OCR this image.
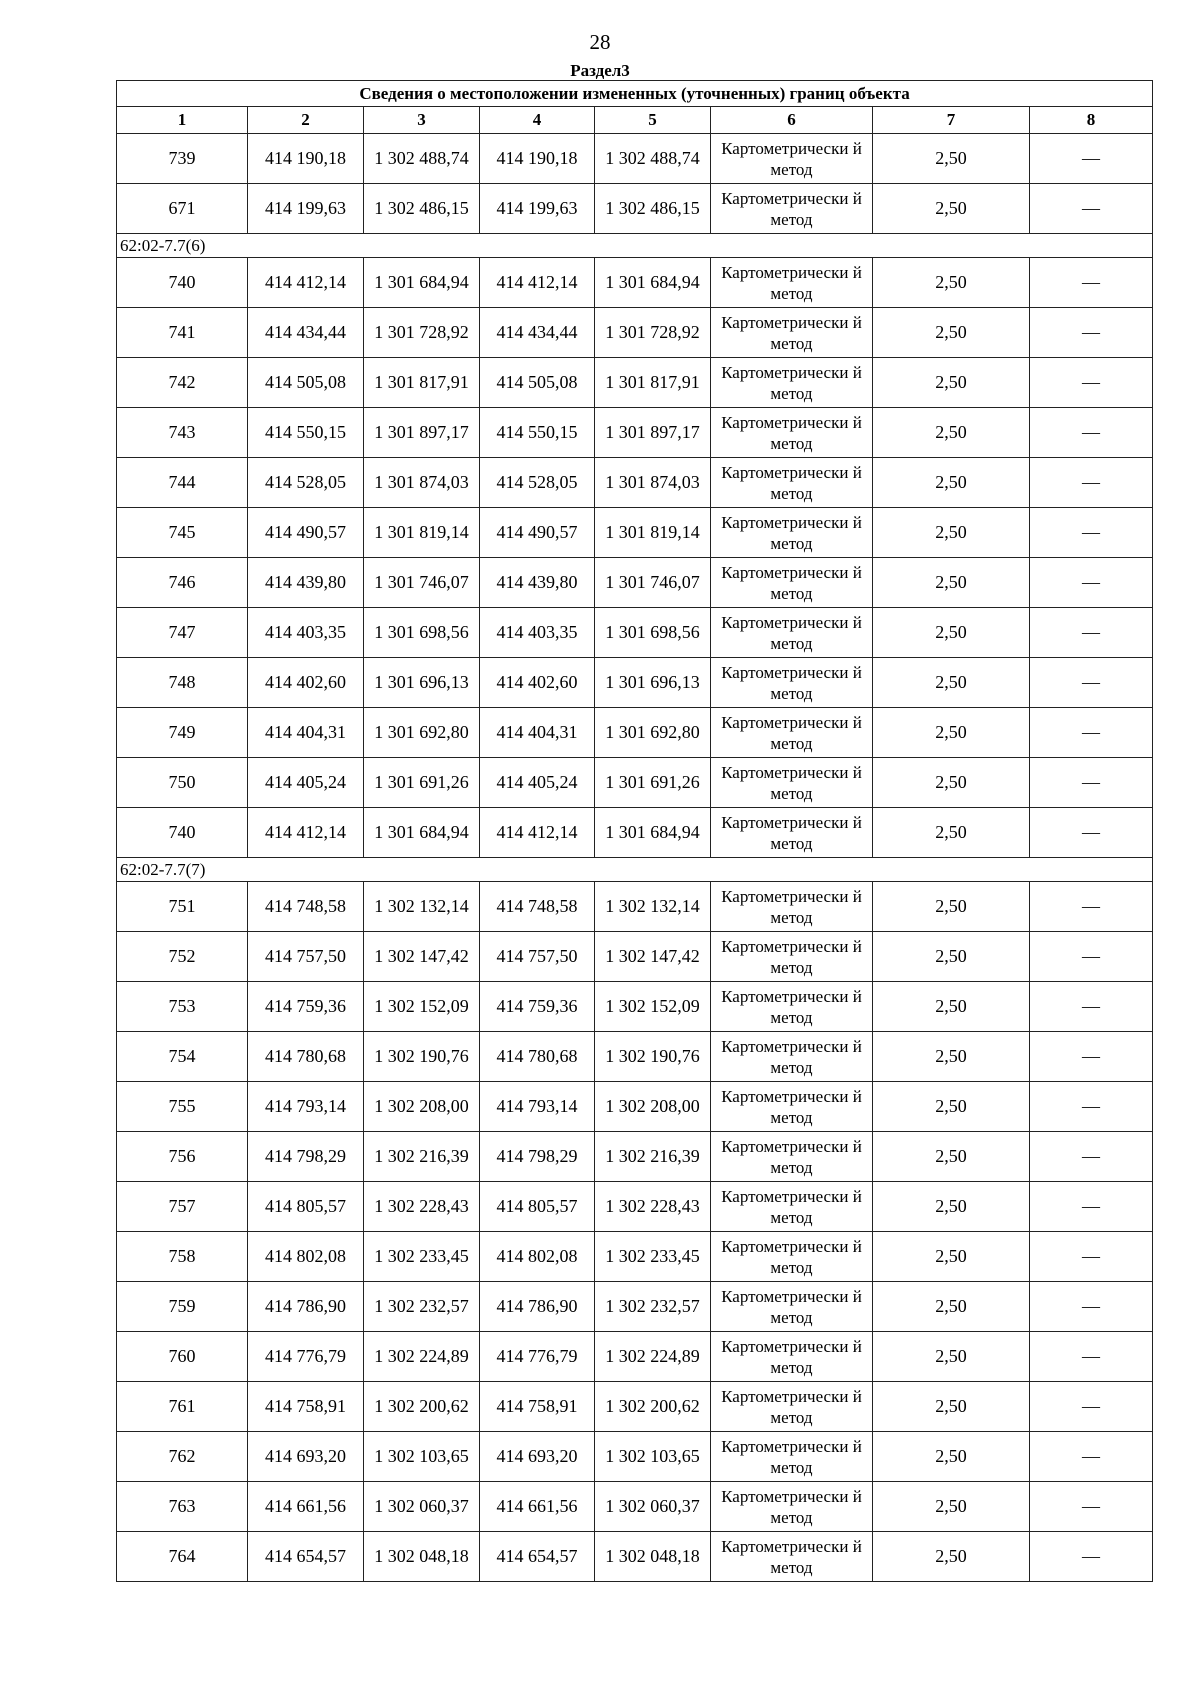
28
Раздел3
Сведения о местоположении измененных (уточненных) границ объекта							
1	2	3	4	5	6	7	8
739	414 190,18	1 302 488,74	414 190,18	1 302 488,74	Картометрически й метод	2,50	—
671	414 199,63	1 302 486,15	414 199,63	1 302 486,15	Картометрически й метод	2,50	—
62:02-7.7(6)							
740	414 412,14	1 301 684,94	414 412,14	1 301 684,94	Картометрически й метод	2,50	—
741	414 434,44	1 301 728,92	414 434,44	1 301 728,92	Картометрически й метод	2,50	—
742	414 505,08	1 301 817,91	414 505,08	1 301 817,91	Картометрически й метод	2,50	—
743	414 550,15	1 301 897,17	414 550,15	1 301 897,17	Картометрически й метод	2,50	—
744	414 528,05	1 301 874,03	414 528,05	1 301 874,03	Картометрически й метод	2,50	—
745	414 490,57	1 301 819,14	414 490,57	1 301 819,14	Картометрически й метод	2,50	—
746	414 439,80	1 301 746,07	414 439,80	1 301 746,07	Картометрически й метод	2,50	—
747	414 403,35	1 301 698,56	414 403,35	1 301 698,56	Картометрически й метод	2,50	—
748	414 402,60	1 301 696,13	414 402,60	1 301 696,13	Картометрически й метод	2,50	—
749	414 404,31	1 301 692,80	414 404,31	1 301 692,80	Картометрически й метод	2,50	—
750	414 405,24	1 301 691,26	414 405,24	1 301 691,26	Картометрически й метод	2,50	—
740	414 412,14	1 301 684,94	414 412,14	1 301 684,94	Картометрически й метод	2,50	—
62:02-7.7(7)							
751	414 748,58	1 302 132,14	414 748,58	1 302 132,14	Картометрически й метод	2,50	—
752	414 757,50	1 302 147,42	414 757,50	1 302 147,42	Картометрически й метод	2,50	—
753	414 759,36	1 302 152,09	414 759,36	1 302 152,09	Картометрически й метод	2,50	—
754	414 780,68	1 302 190,76	414 780,68	1 302 190,76	Картометрически й метод	2,50	—
755	414 793,14	1 302 208,00	414 793,14	1 302 208,00	Картометрически й метод	2,50	—
756	414 798,29	1 302 216,39	414 798,29	1 302 216,39	Картометрически й метод	2,50	—
757	414 805,57	1 302 228,43	414 805,57	1 302 228,43	Картометрически й метод	2,50	—
758	414 802,08	1 302 233,45	414 802,08	1 302 233,45	Картометрически й метод	2,50	—
759	414 786,90	1 302 232,57	414 786,90	1 302 232,57	Картометрически й метод	2,50	—
760	414 776,79	1 302 224,89	414 776,79	1 302 224,89	Картометрически й метод	2,50	—
761	414 758,91	1 302 200,62	414 758,91	1 302 200,62	Картометрически й метод	2,50	—
762	414 693,20	1 302 103,65	414 693,20	1 302 103,65	Картометрически й метод	2,50	—
763	414 661,56	1 302 060,37	414 661,56	1 302 060,37	Картометрически й метод	2,50	—
764	414 654,57	1 302 048,18	414 654,57	1 302 048,18	Картометрически й метод	2,50	—
